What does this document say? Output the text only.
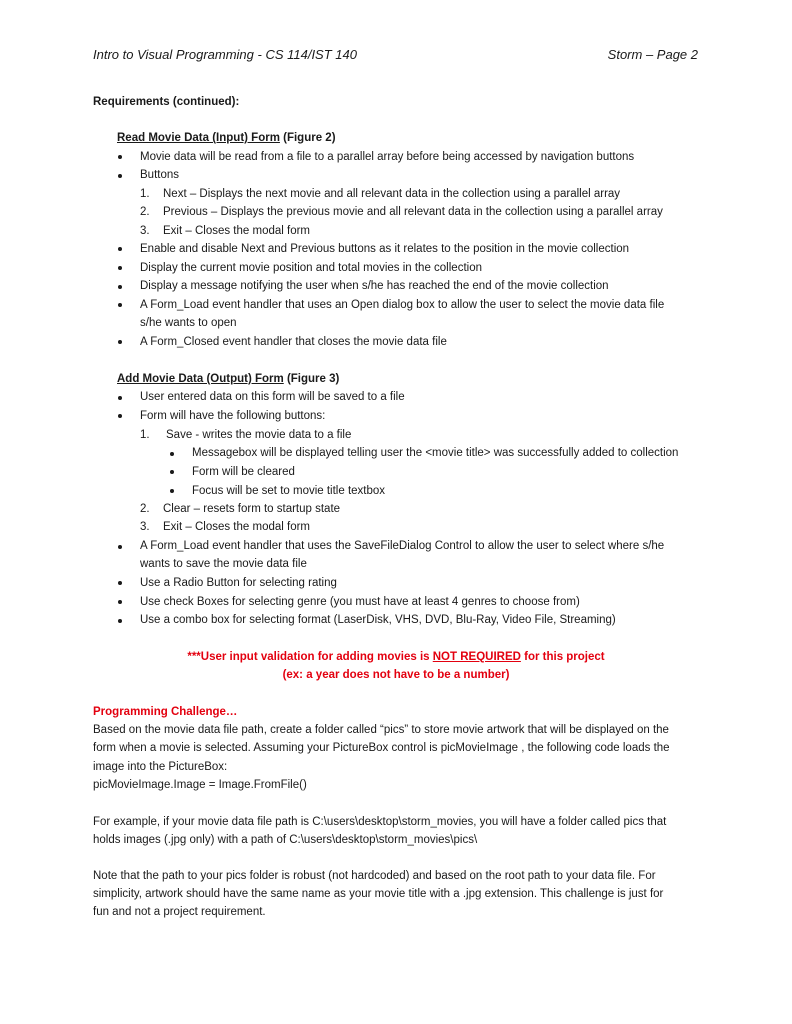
Intro to Visual Programming - CS 114/IST 140	Storm – Page 2
Requirements (continued):
Read Movie Data (Input) Form (Figure 2)
Movie data will be read from a file to a parallel array before being accessed by navigation buttons
Buttons
1. Next – Displays the next movie and all relevant data in the collection using a parallel array
2. Previous – Displays the previous movie and all relevant data in the collection using a parallel array
3. Exit – Closes the modal form
Enable and disable Next and Previous buttons as it relates to the position in the movie collection
Display the current movie position and total movies in the collection
Display a message notifying the user when s/he has reached the end of the movie collection
A Form_Load event handler that uses an Open dialog box to allow the user to select the movie data file
s/he wants to open
A Form_Closed event handler that closes the movie data file
Add Movie Data (Output) Form (Figure 3)
User entered data on this form will be saved to a file
Form will have the following buttons:
1. Save - writes the movie data to a file
Messagebox will be displayed telling user the <movie title> was successfully added to collection
Form will be cleared
Focus will be set to movie title textbox
2. Clear – resets form to startup state
3. Exit – Closes the modal form
A Form_Load event handler that uses the SaveFileDialog Control to allow the user to select where s/he
wants to save the movie data file
Use a Radio Button for selecting rating
Use check Boxes for selecting genre (you must have at least 4 genres to choose from)
Use a combo box for selecting format (LaserDisk, VHS, DVD, Blu-Ray, Video File, Streaming)
***User input validation for adding movies is NOT REQUIRED for this project
(ex: a year does not have to be a number)
Programming Challenge…
Based on the movie data file path, create a folder called “pics” to store movie artwork that will be displayed on the
form when a movie is selected. Assuming your PictureBox control is picMovieImage , the following code loads the
image into the PictureBox:
picMovieImage.Image = Image.FromFile()
For example, if your movie data file path is C:\users\desktop\storm_movies, you will have a folder called pics that
holds images (.jpg only) with a path of C:\users\desktop\storm_movies\pics\
Note that the path to your pics folder is robust (not hardcoded) and based on the root path to your data file. For
simplicity, artwork should have the same name as your movie title with a .jpg extension. This challenge is just for
fun and not a project requirement.
